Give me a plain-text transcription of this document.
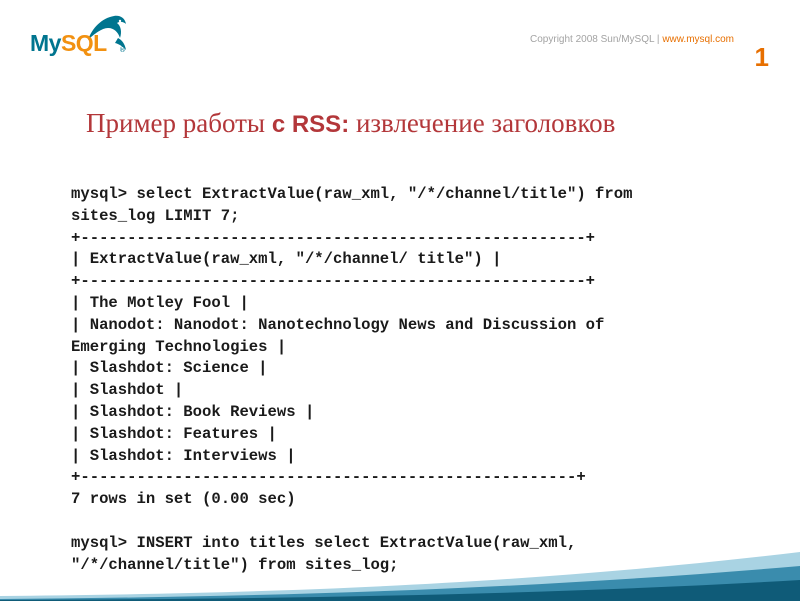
MySQL ®
Copyright 2008 Sun/MySQL | www.mysql.com
1
Пример работы с RSS: извлечение заголовков
mysql> select ExtractValue(raw_xml, "/*/channel/title") from
sites_log LIMIT 7;
+------------------------------------------------------+
| ExtractValue(raw_xml, "/*/channel/ title") |
+------------------------------------------------------+
| The Motley Fool |
| Nanodot: Nanodot: Nanotechnology News and Discussion of
Emerging Technologies |
| Slashdot: Science |
| Slashdot |
| Slashdot: Book Reviews |
| Slashdot: Features |
| Slashdot: Interviews |
+-----------------------------------------------------+
7 rows in set (0.00 sec)
mysql> INSERT into titles select ExtractValue(raw_xml,
"/*/channel/title") from sites_log;
